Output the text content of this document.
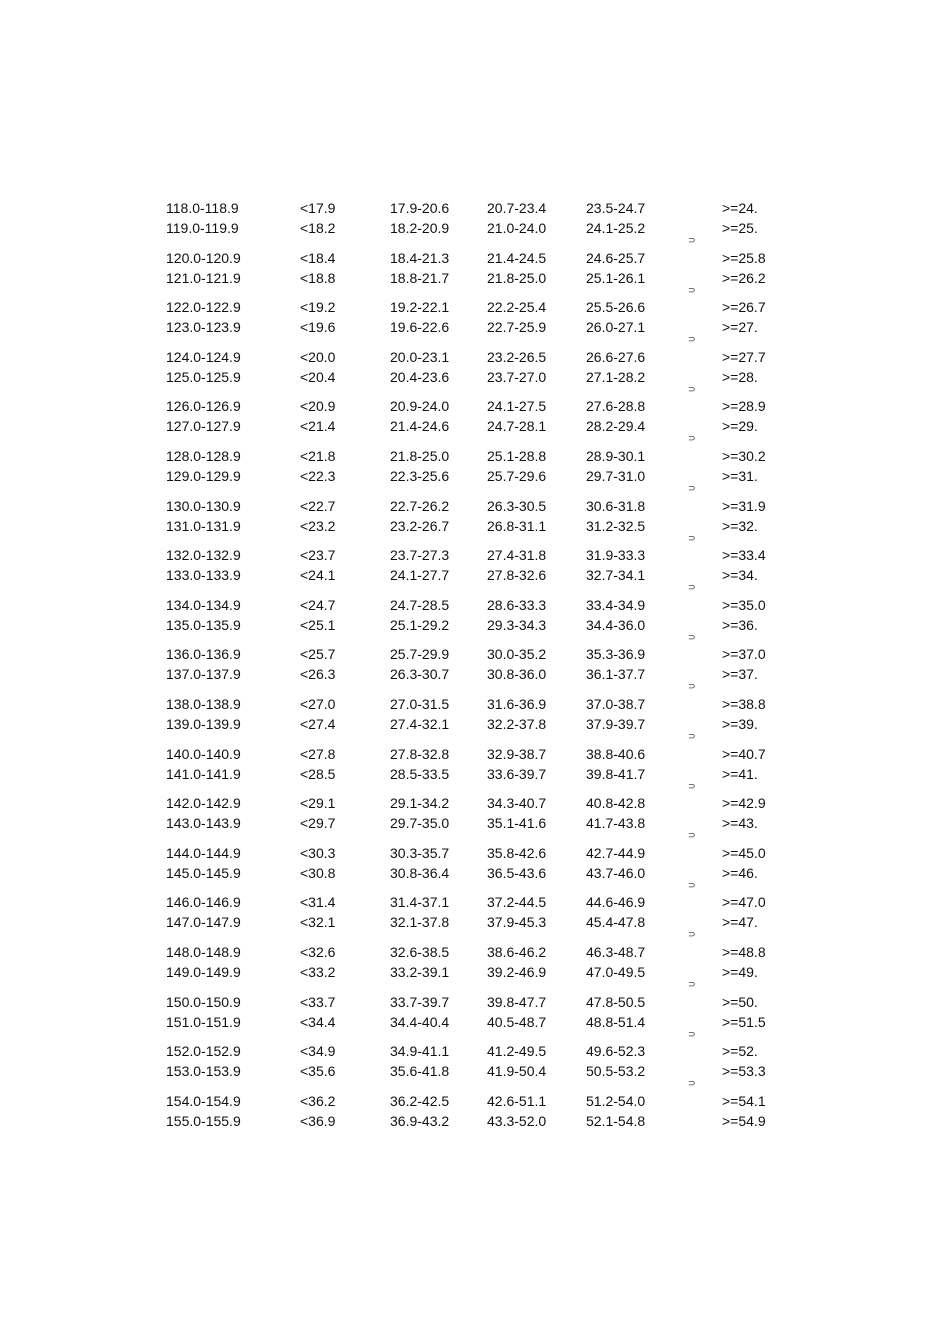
118.0-118.9	<17.9	17.9-20.6	20.7-23.4	23.5-24.7	>=24.
119.0-119.9	<18.2	18.2-20.9	21.0-24.0	24.1-25.2	>=25.
120.0-120.9	<18.4	18.4-21.3	21.4-24.5	24.6-25.7	>=25.8
121.0-121.9	<18.8	18.8-21.7	21.8-25.0	25.1-26.1	>=26.2
122.0-122.9	<19.2	19.2-22.1	22.2-25.4	25.5-26.6	>=26.7
123.0-123.9	<19.6	19.6-22.6	22.7-25.9	26.0-27.1	>=27.
124.0-124.9	<20.0	20.0-23.1	23.2-26.5	26.6-27.6	>=27.7
125.0-125.9	<20.4	20.4-23.6	23.7-27.0	27.1-28.2	>=28.
126.0-126.9	<20.9	20.9-24.0	24.1-27.5	27.6-28.8	>=28.9
127.0-127.9	<21.4	21.4-24.6	24.7-28.1	28.2-29.4	>=29.
128.0-128.9	<21.8	21.8-25.0	25.1-28.8	28.9-30.1	>=30.2
129.0-129.9	<22.3	22.3-25.6	25.7-29.6	29.7-31.0	>=31.
130.0-130.9	<22.7	22.7-26.2	26.3-30.5	30.6-31.8	>=31.9
131.0-131.9	<23.2	23.2-26.7	26.8-31.1	31.2-32.5	>=32.
132.0-132.9	<23.7	23.7-27.3	27.4-31.8	31.9-33.3	>=33.4
133.0-133.9	<24.1	24.1-27.7	27.8-32.6	32.7-34.1	>=34.
134.0-134.9	<24.7	24.7-28.5	28.6-33.3	33.4-34.9	>=35.0
135.0-135.9	<25.1	25.1-29.2	29.3-34.3	34.4-36.0	>=36.
136.0-136.9	<25.7	25.7-29.9	30.0-35.2	35.3-36.9	>=37.0
137.0-137.9	<26.3	26.3-30.7	30.8-36.0	36.1-37.7	>=37.
138.0-138.9	<27.0	27.0-31.5	31.6-36.9	37.0-38.7	>=38.8
139.0-139.9	<27.4	27.4-32.1	32.2-37.8	37.9-39.7	>=39.
140.0-140.9	<27.8	27.8-32.8	32.9-38.7	38.8-40.6	>=40.7
141.0-141.9	<28.5	28.5-33.5	33.6-39.7	39.8-41.7	>=41.
142.0-142.9	<29.1	29.1-34.2	34.3-40.7	40.8-42.8	>=42.9
143.0-143.9	<29.7	29.7-35.0	35.1-41.6	41.7-43.8	>=43.
144.0-144.9	<30.3	30.3-35.7	35.8-42.6	42.7-44.9	>=45.0
145.0-145.9	<30.8	30.8-36.4	36.5-43.6	43.7-46.0	>=46.
146.0-146.9	<31.4	31.4-37.1	37.2-44.5	44.6-46.9	>=47.0
147.0-147.9	<32.1	32.1-37.8	37.9-45.3	45.4-47.8	>=47.
148.0-148.9	<32.6	32.6-38.5	38.6-46.2	46.3-48.7	>=48.8
149.0-149.9	<33.2	33.2-39.1	39.2-46.9	47.0-49.5	>=49.
150.0-150.9	<33.7	33.7-39.7	39.8-47.7	47.8-50.5	>=50.
151.0-151.9	<34.4	34.4-40.4	40.5-48.7	48.8-51.4	>=51.5
152.0-152.9	<34.9	34.9-41.1	41.2-49.5	49.6-52.3	>=52.
153.0-153.9	<35.6	35.6-41.8	41.9-50.4	50.5-53.2	>=53.3
154.0-154.9	<36.2	36.2-42.5	42.6-51.1	51.2-54.0	>=54.1
155.0-155.9	<36.9	36.9-43.2	43.3-52.0	52.1-54.8	>=54.9
⊃
⊃
⊃
⊃
⊃
⊃
⊃
⊃
⊃
⊃
⊃
⊃
⊃
⊃
⊃
⊃
⊃
⊃
